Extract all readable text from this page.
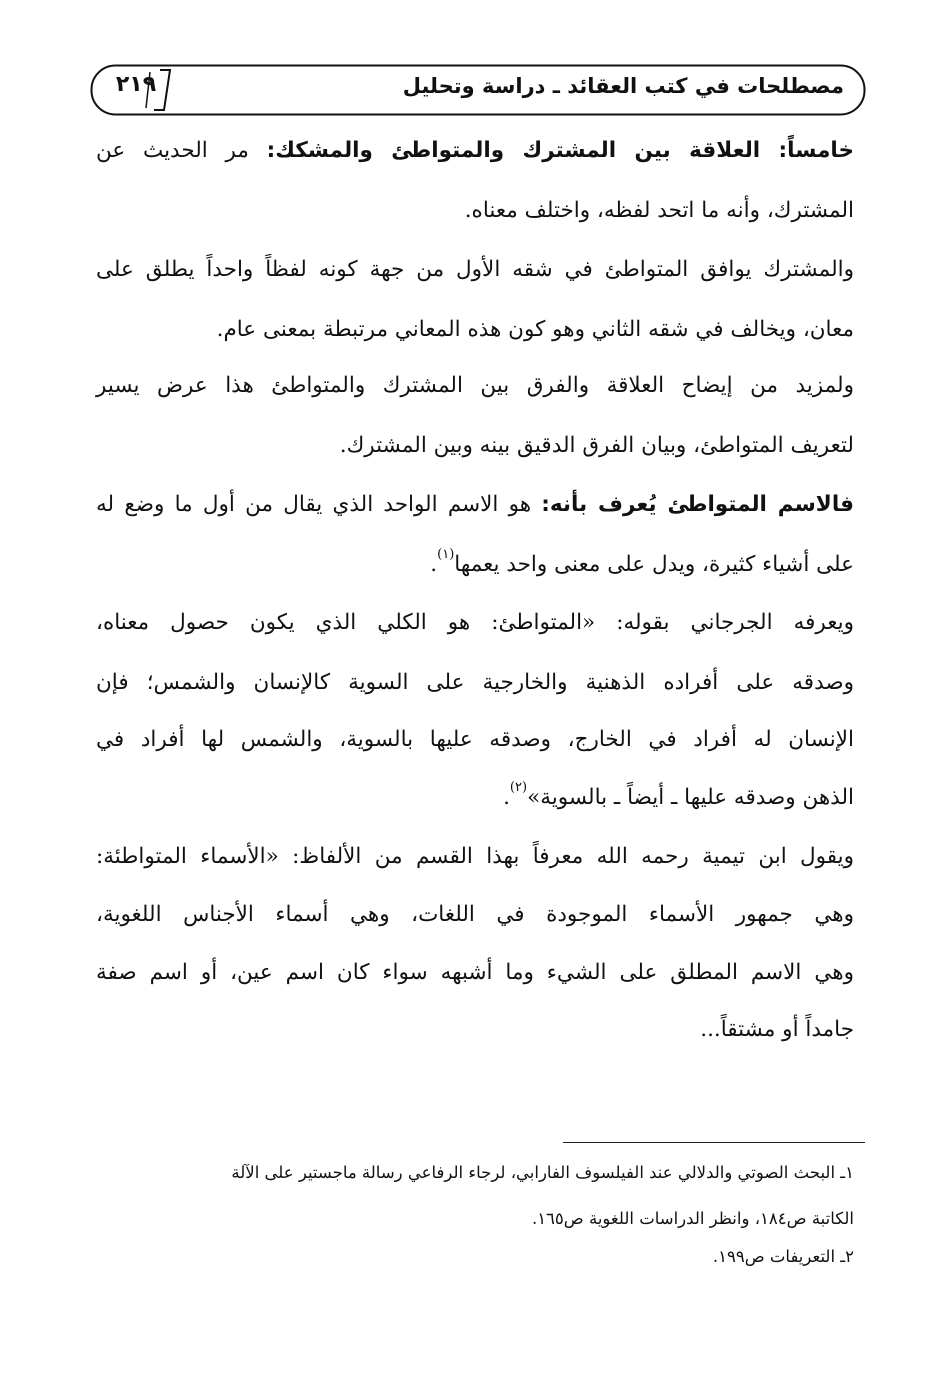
٢١٩	مصطلحات في كتب العقائد ـ دراسة وتحليل
خامساً: العلاقة بين المشترك والمتواطئ والمشكك: مر الحديث عن
المشترك، وأنه ما اتحد لفظه، واختلف معناه.
والمشترك يوافق المتواطئ في شقه الأول من جهة كونه لفظاً واحداً يطلق على
معان، ويخالف في شقه الثاني وهو كون هذه المعاني مرتبطة بمعنى عام.
ولمزيد من إيضاح العلاقة والفرق بين المشترك والمتواطئ هذا عرض يسير
لتعريف المتواطئ، وبيان الفرق الدقيق بينه وبين المشترك.
فالاسم المتواطئ يُعرف بأنه: هو الاسم الواحد الذي يقال من أول ما وضع له
على أشياء كثيرة، ويدل على معنى واحد يعمها$^{(١)}$.
ويعرفه الجرجاني بقوله: «المتواطئ: هو الكلي الذي يكون حصول معناه،
وصدقه على أفراده الذهنية والخارجية على السوية كالإنسان والشمس؛ فإن
الإنسان له أفراد في الخارج، وصدقه عليها بالسوية، والشمس لها أفراد في
الذهن وصدقه عليها ـ أيضاً ـ بالسوية»$^{(٢)}$.
ويقول ابن تيمية رحمه الله معرفاً بهذا القسم من الألفاظ: «الأسماء المتواطئة:
وهي جمهور الأسماء الموجودة في اللغات، وهي أسماء الأجناس اللغوية،
وهي الاسم المطلق على الشيء وما أشبهه سواء كان اسم عين، أو اسم صفة
جامداً أو مشتقاً...
١ـ البحث الصوتي والدلالي عند الفيلسوف الفارابي، لرجاء الرفاعي رسالة ماجستير على الآلة
الكاتبة ص١٨٤، وانظر الدراسات اللغوية ص١٦٥.
٢ـ التعريفات ص١٩٩.
